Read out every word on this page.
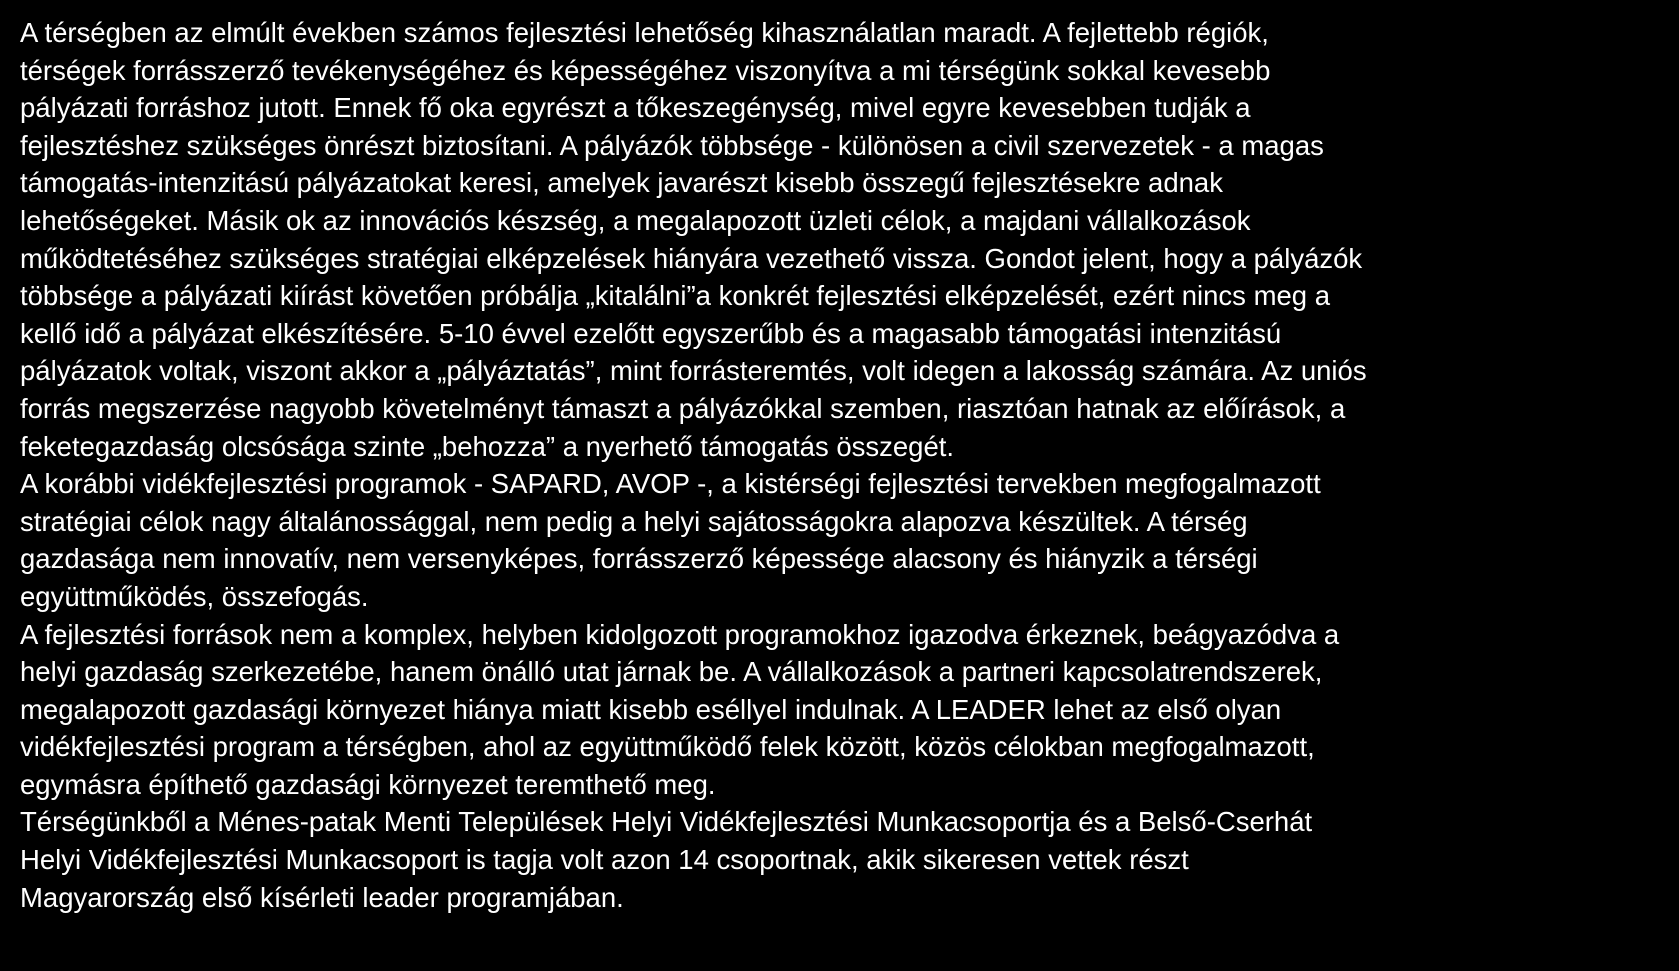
A térségben az elmúlt években számos fejlesztési lehetőség kihasználatlan maradt. A fejlettebb régiók,
térségek forrásszerző tevékenységéhez és képességéhez viszonyítva a mi térségünk sokkal kevesebb
pályázati forráshoz jutott. Ennek fő oka egyrészt a tőkeszegénység, mivel egyre kevesebben tudják a
fejlesztéshez szükséges önrészt biztosítani. A pályázók többsége - különösen a civil szervezetek - a magas
támogatás-intenzitású pályázatokat keresi, amelyek javarészt kisebb összegű fejlesztésekre adnak
lehetőségeket. Másik ok az innovációs készség, a megalapozott üzleti célok, a majdani vállalkozások
működtetéséhez szükséges stratégiai elképzelések hiányára vezethető vissza. Gondot jelent, hogy a pályázók
többsége a pályázati kiírást követően próbálja „kitalálni”a konkrét fejlesztési elképzelését, ezért nincs meg a
kellő idő a pályázat elkészítésére. 5-10 évvel ezelőtt egyszerűbb és a magasabb támogatási intenzitású
pályázatok voltak, viszont akkor a „pályáztatás”, mint forrásteremtés, volt idegen a lakosság számára. Az uniós
forrás megszerzése nagyobb követelményt támaszt a pályázókkal szemben, riasztóan hatnak az előírások, a
feketegazdaság olcsósága szinte „behozza” a nyerhető támogatás összegét.
A korábbi vidékfejlesztési programok - SAPARD, AVOP -, a kistérségi fejlesztési tervekben megfogalmazott
stratégiai célok nagy általánossággal, nem pedig a helyi sajátosságokra alapozva készültek. A térség
gazdasága nem innovatív, nem versenyképes, forrásszerző képessége alacsony és hiányzik a térségi
együttműködés, összefogás.
A fejlesztési források nem a komplex, helyben kidolgozott programokhoz igazodva érkeznek, beágyazódva a
helyi gazdaság szerkezetébe, hanem önálló utat járnak be. A vállalkozások a partneri kapcsolatrendszerek,
megalapozott gazdasági környezet hiánya miatt kisebb eséllyel indulnak. A LEADER lehet az első olyan
vidékfejlesztési program a térségben, ahol az együttműködő felek között, közös célokban megfogalmazott,
egymásra építhető gazdasági környezet teremthető meg.
Térségünkből a Ménes-patak Menti Települések Helyi Vidékfejlesztési Munkacsoportja és a Belső-Cserhát
Helyi Vidékfejlesztési Munkacsoport is tagja volt azon 14 csoportnak, akik sikeresen vettek részt
Magyarország első kísérleti leader programjában.
